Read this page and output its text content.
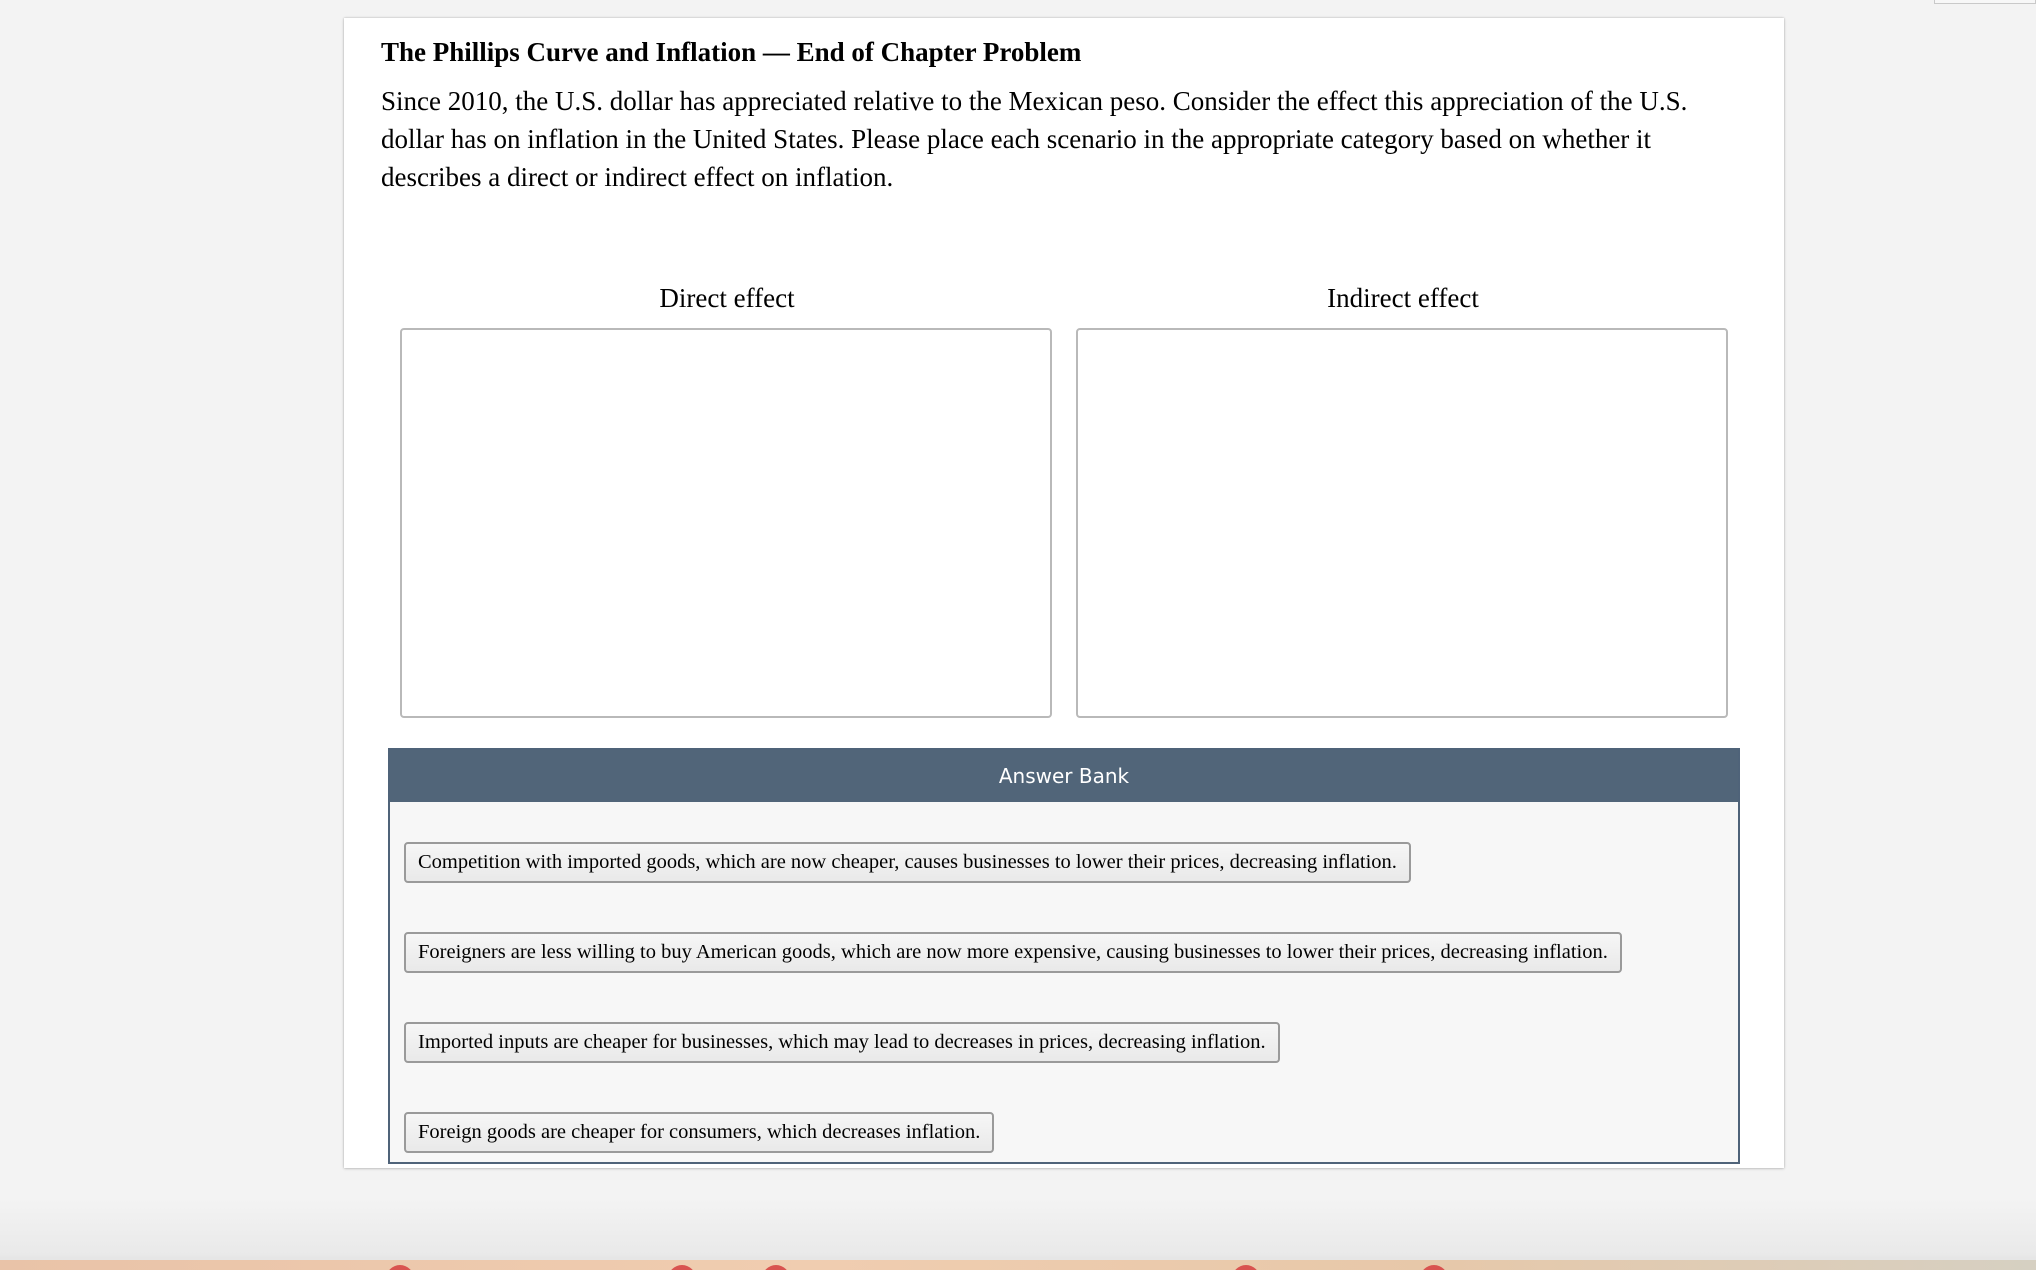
The Phillips Curve and Inflation — End of Chapter Problem

Since 2010, the U.S. dollar has appreciated relative to the Mexican peso. Consider the effect this appreciation of the U.S. dollar has on inflation in the United States. Please place each scenario in the appropriate category based on whether it describes a direct or indirect effect on inflation.

Direct effect	Indirect effect
Answer Bank
Competition with imported goods, which are now cheaper, causes businesses to lower their prices, decreasing inflation.
Foreigners are less willing to buy American goods, which are now more expensive, causing businesses to lower their prices, decreasing inflation.
Imported inputs are cheaper for businesses, which may lead to decreases in prices, decreasing inflation.
Foreign goods are cheaper for consumers, which decreases inflation.
